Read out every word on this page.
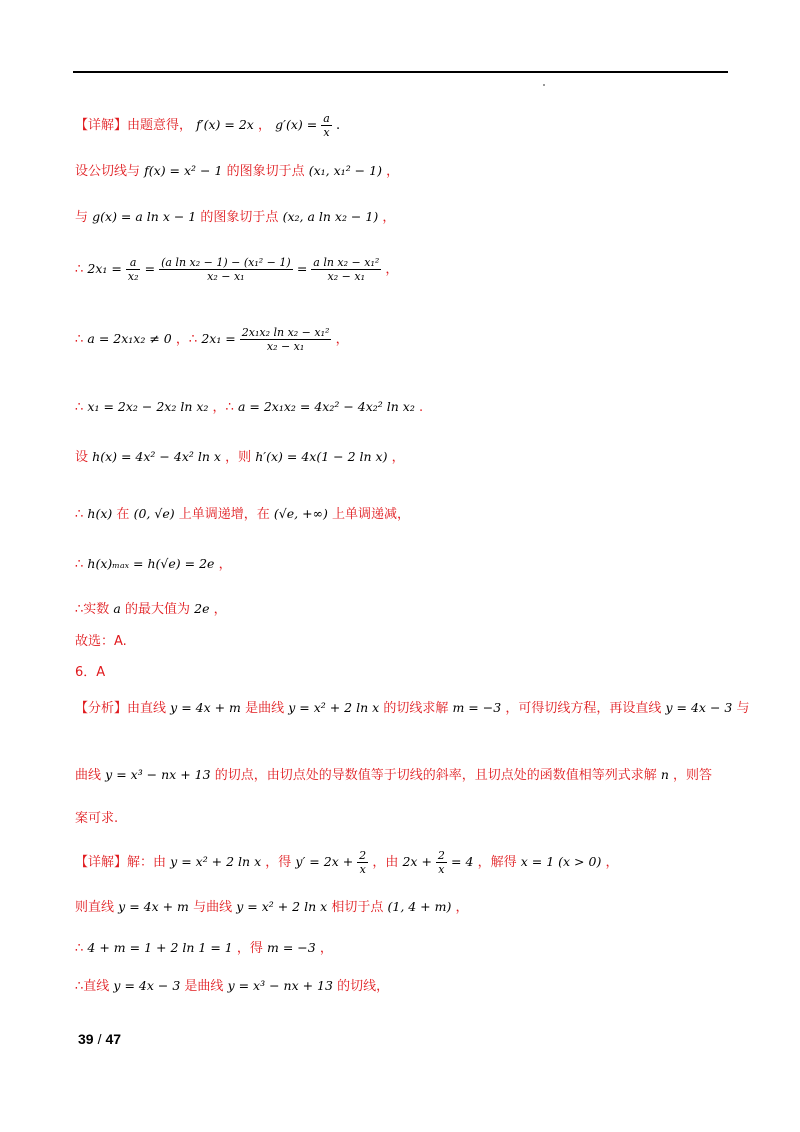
【详解】由题意得， f′(x) = 2x ， $g'(x) = \frac{a}{x}$ .
设公切线与 f(x) = x² − 1 的图象切于点 (x₁, x₁² − 1) ，
与 g(x) = a ln x − 1 的图象切于点 (x₂, a ln x₂ − 1) ，
∴ $2x_1 = \frac{a}{\text{x₂}} = \frac{\text{(a ln x₂ − 1) − (x₁² − 1)}}{\text{x₂ − x₁}} = \frac{\text{a ln x₂ − x₁²}}{\text{x₂ − x₁}}$ ，
∴ a = 2x₁x₂ ≠ 0 ，∴ $2x_1 = \frac{\text{2x₁x₂ ln x₂ − x₁²}}{\text{x₂ − x₁}}$ ，
∴ x₁ = 2x₂ − 2x₂ ln x₂ ，∴ a = 2x₁x₂ = 4x₂² − 4x₂² ln x₂ .
设 h(x) = 4x² − 4x² ln x ，则 h′(x) = 4x(1 − 2 ln x) ，
∴ h(x) 在 (0, √e) 上单调递增，在 (√e, +∞) 上单调递减，
∴ h(x)ₘₐₓ = h(√e) = 2e ，
∴实数 a 的最大值为 2e ，
故选：A.
6．A
【分析】由直线 y = 4x + m 是曲线 y = x² + 2 ln x 的切线求解 m = −3 ，可得切线方程，再设直线 y = 4x − 3 与
曲线 y = x³ − nx + 13 的切点，由切点处的导数值等于切线的斜率，且切点处的函数值相等列式求解 n ，则答
案可求.
【详解】解：由 y = x² + 2 ln x ，得 $y' = 2x + \frac{2}{x}$ ，由 $2x + \frac{2}{x} = 4$ ，解得 x = 1 (x > 0) ，
则直线 y = 4x + m 与曲线 y = x² + 2 ln x 相切于点 (1, 4 + m) ，
∴ 4 + m = 1 + 2 ln 1 = 1 ，得 m = −3 ，
∴直线 y = 4x − 3 是曲线 y = x³ − nx + 13 的切线，
39 / 47
